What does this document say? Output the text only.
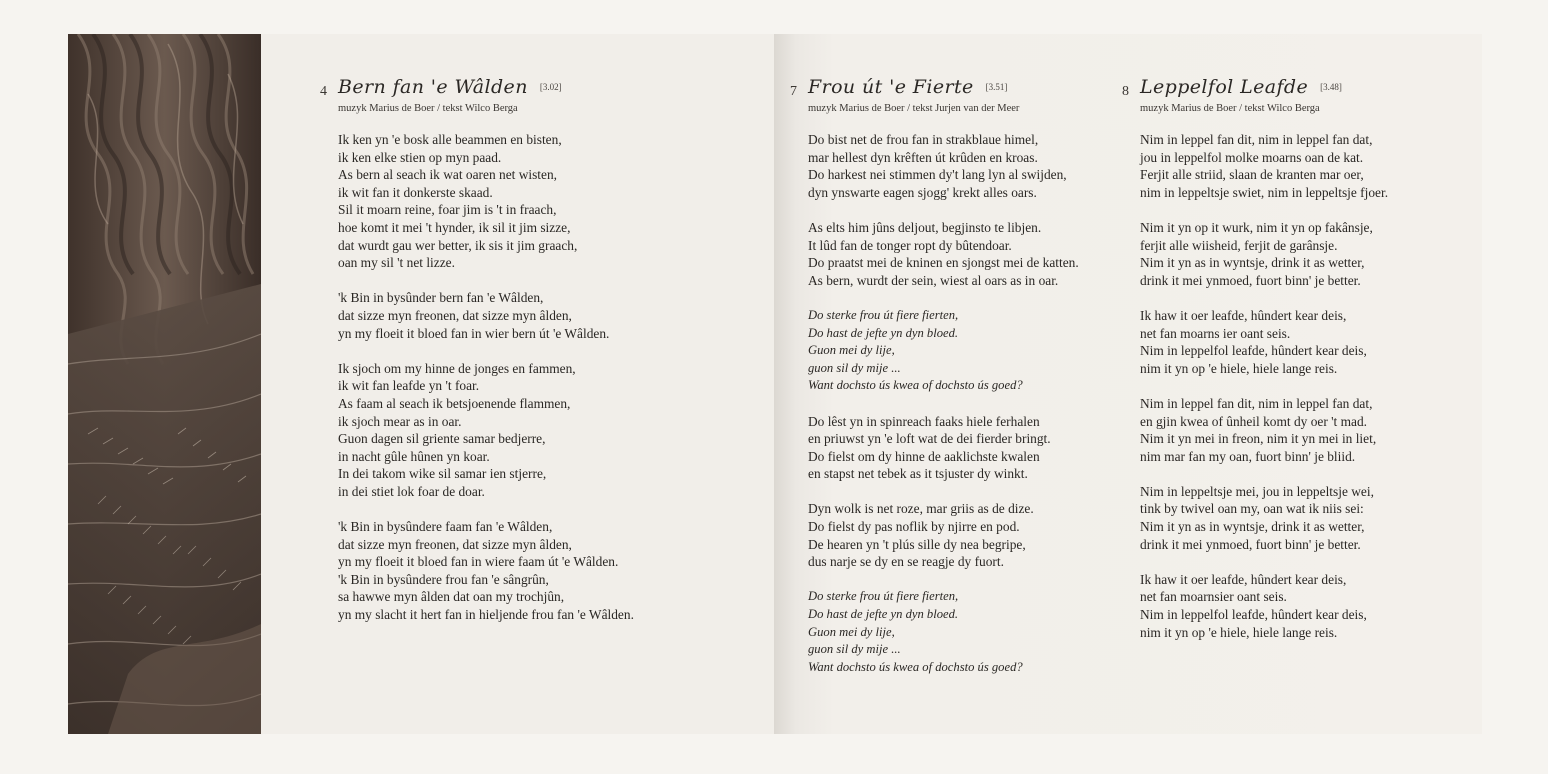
4 Bern fan 'e Wâlden [3.02]
muzyk Marius de Boer / tekst Wilco Berga
Ik ken yn 'e bosk alle beammen en bisten,
ik ken elke stien op myn paad.
As bern al seach ik wat oaren net wisten,
ik wit fan it donkerste skaad.
Sil it moarn reine, foar jim is 't in fraach,
hoe komt it mei 't hynder, ik sil it jim sizze,
dat wurdt gau wer better, ik sis it jim graach,
oan my sil 't net lizze.
'k Bin in bysûnder bern fan 'e Wâlden,
dat sizze myn freonen, dat sizze myn âlden,
yn my floeit it bloed fan in wier bern út 'e Wâlden.
Ik sjoch om my hinne de jonges en fammen,
ik wit fan leafde yn 't foar.
As faam al seach ik betsjoenende flammen,
ik sjoch mear as in oar.
Guon dagen sil griente samar bedjerre,
in nacht gûle hûnen yn koar.
In dei takom wike sil samar ien stjerre,
in dei stiet lok foar de doar.
'k Bin in bysûndere faam fan 'e Wâlden,
dat sizze myn freonen, dat sizze myn âlden,
yn my floeit it bloed fan in wiere faam út 'e Wâlden.
'k Bin in bysûndere frou fan 'e sângrûn,
sa hawwe myn âlden dat oan my trochjûn,
yn my slacht it hert fan in hieljende frou fan 'e Wâlden.
7 Frou út 'e Fierte [3.51]
muzyk Marius de Boer / tekst Jurjen van der Meer
Do bist net de frou fan in strakblaue himel,
mar hellest dyn krêften út krûden en kroas.
Do harkest nei stimmen dy't lang lyn al swijden,
dyn ynswarte eagen sjogg' krekt alles oars.
As elts him jûns deljout, begjinsto te libjen.
It lûd fan de tonger ropt dy bûtendoar.
Do praatst mei de kninen en sjongst mei de katten.
As bern, wurdt der sein, wiest al oars as in oar.
Do sterke frou út fiere fierten,
Do hast de jefte yn dyn bloed.
Guon mei dy lije,
guon sil dy mije ...
Want dochsto ús kwea of dochsto ús goed?
Do lêst yn in spinreach faaks hiele ferhalen
en priuwst yn 'e loft wat de dei fierder bringt.
Do fielst om dy hinne de aaklichste kwalen
en stapst net tebek as it tsjuster dy winkt.
Dyn wolk is net roze, mar griis as de dize.
Do fielst dy pas noflik by njirre en pod.
De hearen yn 't plús sille dy nea begripe,
dus narje se dy en se reagje dy fuort.
Do sterke frou út fiere fierten,
Do hast de jefte yn dyn bloed.
Guon mei dy lije,
guon sil dy mije ...
Want dochsto ús kwea of dochsto ús goed?
8 Leppelfol Leafde [3.48]
muzyk Marius de Boer / tekst Wilco Berga
Nim in leppel fan dit, nim in leppel fan dat,
jou in leppelfol molke moarns oan de kat.
Ferjit alle striid, slaan de kranten mar oer,
nim in leppeltsje swiet, nim in leppeltsje fjoer.
Nim it yn op it wurk, nim it yn op fakânsje,
ferjit alle wiisheid, ferjit de garânsje.
Nim it yn as in wyntsje, drink it as wetter,
drink it mei ynmoed, fuort binn' je better.
Ik haw it oer leafde, hûndert kear deis,
net fan moarns ier oant seis.
Nim in leppelfol leafde, hûndert kear deis,
nim it yn op 'e hiele, hiele lange reis.
Nim in leppel fan dit, nim in leppel fan dat,
en gjin kwea of ûnheil komt dy oer 't mad.
Nim it yn mei in freon, nim it yn mei in liet,
nim mar fan my oan, fuort binn' je bliid.
Nim in leppeltsje mei, jou in leppeltsje wei,
tink by twivel oan my, oan wat ik niis sei:
Nim it yn as in wyntsje, drink it as wetter,
drink it mei ynmoed, fuort binn' je better.
Ik haw it oer leafde, hûndert kear deis,
net fan moarnsier oant seis.
Nim in leppelfol leafde, hûndert kear deis,
nim it yn op 'e hiele, hiele lange reis.
